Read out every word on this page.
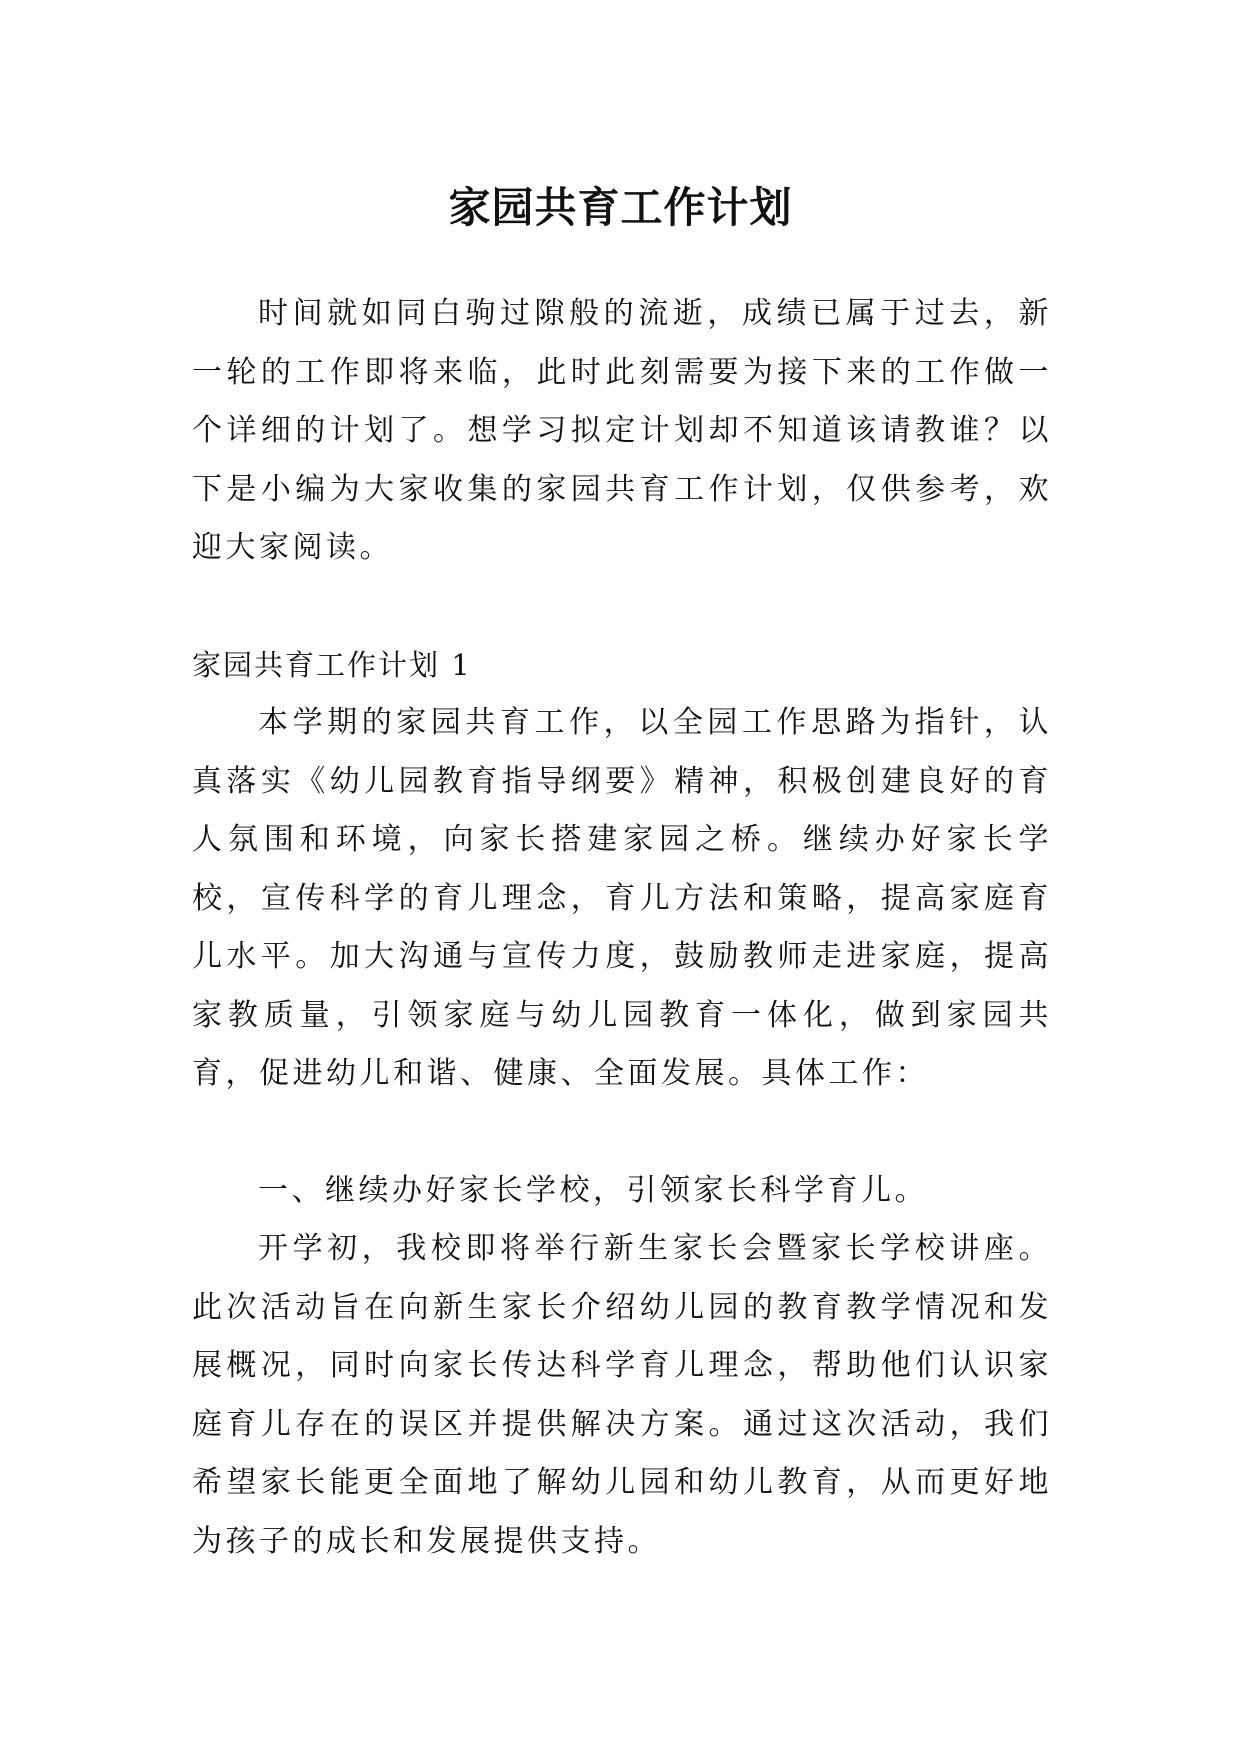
家园共育工作计划

时间就如同白驹过隙般的流逝，成绩已属于过去，新一轮的工作即将来临，此时此刻需要为接下来的工作做一个详细的计划了。想学习拟定计划却不知道该请教谁？以下是小编为大家收集的家园共育工作计划，仅供参考，欢迎大家阅读。

家园共育工作计划 1

本学期的家园共育工作，以全园工作思路为指针，认真落实《幼儿园教育指导纲要》精神，积极创建良好的育人氛围和环境，向家长搭建家园之桥。继续办好家长学校，宣传科学的育儿理念，育儿方法和策略，提高家庭育儿水平。加大沟通与宣传力度，鼓励教师走进家庭，提高家教质量，引领家庭与幼儿园教育一体化，做到家园共育，促进幼儿和谐、健康、全面发展。具体工作：

一、继续办好家长学校，引领家长科学育儿。

开学初，我校即将举行新生家长会暨家长学校讲座。此次活动旨在向新生家长介绍幼儿园的教育教学情况和发展概况，同时向家长传达科学育儿理念，帮助他们认识家庭育儿存在的误区并提供解决方案。通过这次活动，我们希望家长能更全面地了解幼儿园和幼儿教育，从而更好地为孩子的成长和发展提供支持。
